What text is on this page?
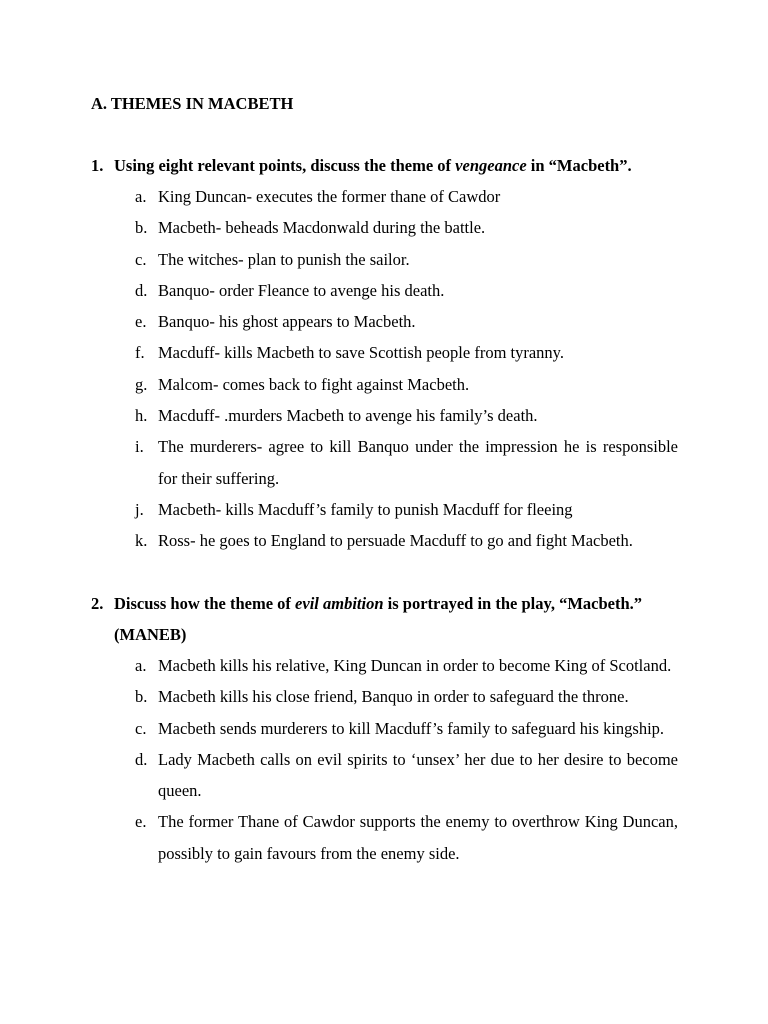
A. THEMES IN MACBETH
1. Using eight relevant points, discuss the theme of vengeance in “Macbeth”.
a. King Duncan- executes the former thane of Cawdor
b. Macbeth- beheads Macdonwald during the battle.
c. The witches- plan to punish the sailor.
d. Banquo- order Fleance to avenge his death.
e. Banquo- his ghost appears to Macbeth.
f. Macduff- kills Macbeth to save Scottish people from tyranny.
g. Malcom- comes back to fight against Macbeth.
h. Macduff- .murders Macbeth to avenge his family’s death.
i. The murderers- agree to kill Banquo under the impression he is responsible for their suffering.
j. Macbeth- kills Macduff’s family to punish Macduff for fleeing
k. Ross- he goes to England to persuade Macduff to go and fight Macbeth.
2. Discuss how the theme of evil ambition is portrayed in the play, “Macbeth.” (MANEB)
a. Macbeth kills his relative, King Duncan in order to become King of Scotland.
b. Macbeth kills his close friend, Banquo in order to safeguard the throne.
c. Macbeth sends murderers to kill Macduff’s family to safeguard his kingship.
d. Lady Macbeth calls on evil spirits to ‘unsex’ her due to her desire to become queen.
e. The former Thane of Cawdor supports the enemy to overthrow King Duncan, possibly to gain favours from the enemy side.
